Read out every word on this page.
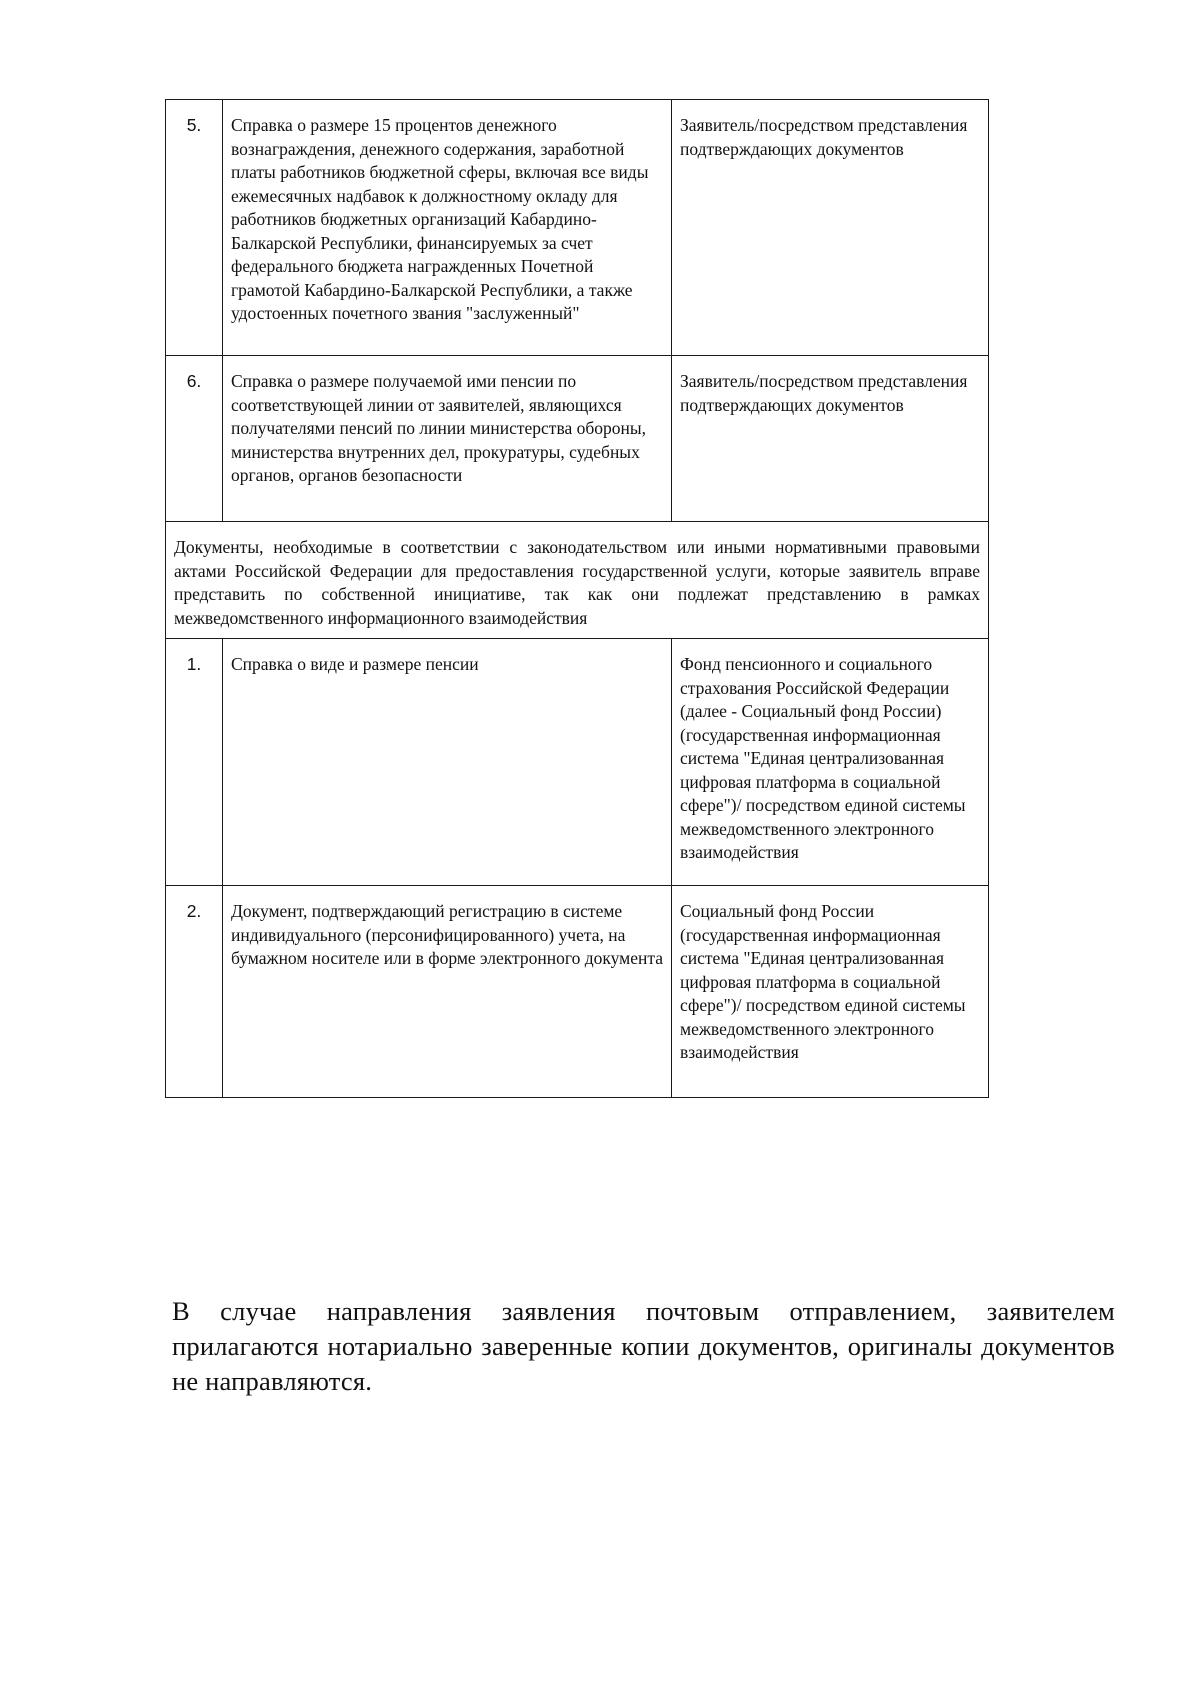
5.	Справка о размере 15 процентов денежного вознаграждения, денежного содержания, заработной платы работников бюджетной сферы, включая все виды ежемесячных надбавок к должностному окладу для работников бюджетных организаций Кабардино-Балкарской Республики, финансируемых за счет федерального бюджета награжденных Почетной грамотой Кабардино-Балкарской Республики, а также удостоенных почетного звания "заслуженный"	Заявитель/посредством представления подтверждающих документов
6.	Справка о размере получаемой ими пенсии по соответствующей линии от заявителей, являющихся получателями пенсий по линии министерства обороны, министерства внутренних дел, прокуратуры, судебных органов, органов безопасности	Заявитель/посредством представления подтверждающих документов
Документы, необходимые в соответствии с законодательством или иными нормативными правовыми актами Российской Федерации для предоставления государственной услуги, которые заявитель вправе представить по собственной инициативе, так как они подлежат представлению в рамках межведомственного информационного взаимодействия		
1.	Справка о виде и размере пенсии	Фонд пенсионного и социального страхования Российской Федерации (далее - Социальный фонд России) (государственная информационная система "Единая централизованная цифровая платформа в социальной сфере")/ посредством единой системы межведомственного электронного взаимодействия
2.	Документ, подтверждающий регистрацию в системе индивидуального (персонифицированного) учета, на бумажном носителе или в форме электронного документа	Социальный фонд России (государственная информационная система "Единая централизованная цифровая платформа в социальной сфере")/ посредством единой системы межведомственного электронного взаимодействия

В случае направления заявления почтовым отправлением, заявителем прилагаются нотариально заверенные копии документов, оригиналы документов не направляются.
